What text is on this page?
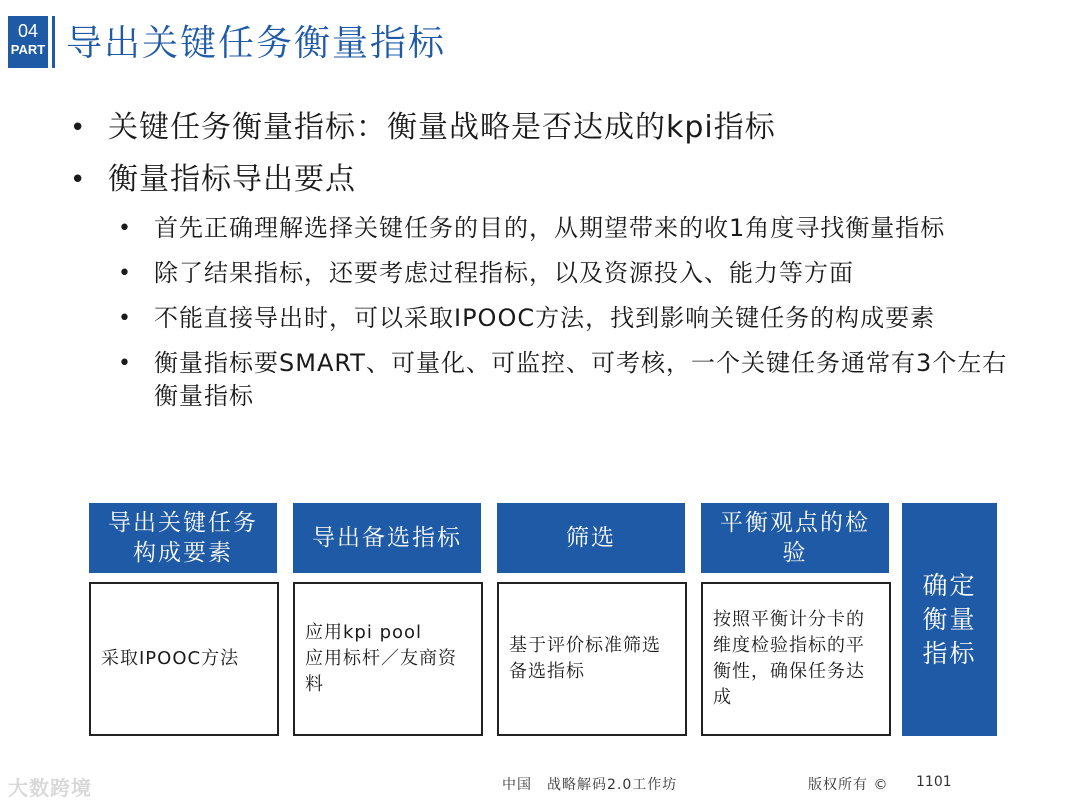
04
PART 导出关键任务衡量指标
• 关键任务衡量指标：衡量战略是否达成的kpi指标
• 衡量指标导出要点
• 首先正确理解选择关键任务的目的，从期望带来的收1角度寻找衡量指标
• 除了结果指标，还要考虑过程指标，以及资源投入、能力等方面
• 不能直接导出时，可以采取IPOOC方法，找到影响关键任务的构成要素
• 衡量指标要SMART、可量化、可监控、可考核，一个关键任务通常有3个左右衡量指标
导出关键任务构成要素
导出备选指标	筛选
平衡观点的检验
采取IPOOC方法
应用kpi pool
应用标杆／友商资料
基于评价标准筛选备选指标
按照平衡计分卡的维度检验指标的平衡性，确保任务达成
确定衡量指标
大数跨境	中国　战略解码2.0工作坊	版权所有 © 1101
